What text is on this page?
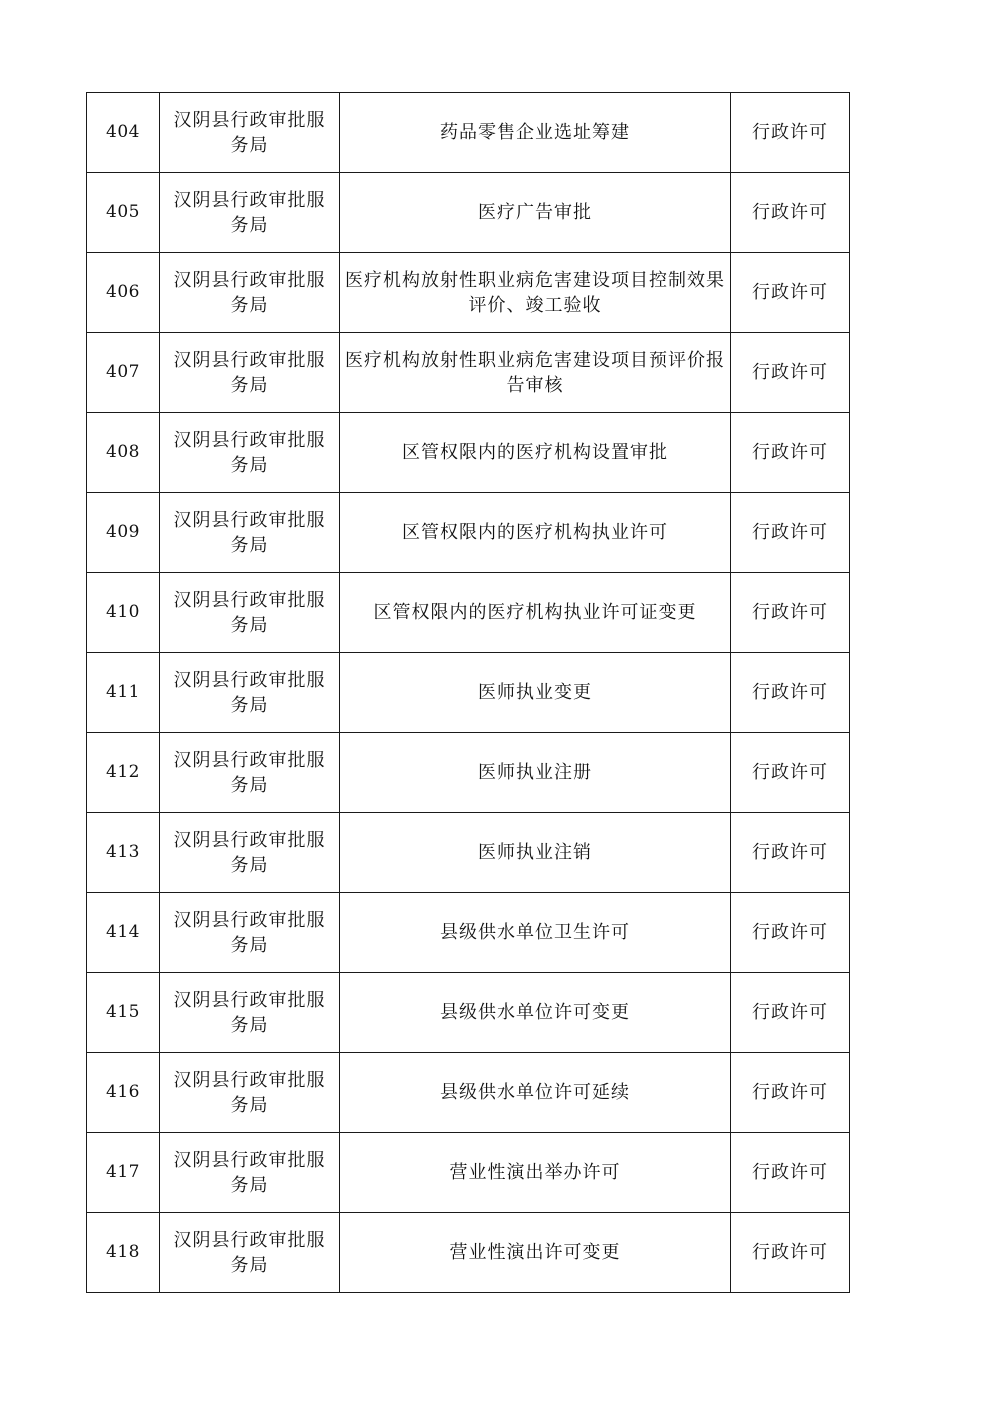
404	汉阴县行政审批服务局	药品零售企业选址筹建	行政许可
405	汉阴县行政审批服务局	医疗广告审批	行政许可
406	汉阴县行政审批服务局	医疗机构放射性职业病危害建设项目控制效果评价、竣工验收	行政许可
407	汉阴县行政审批服务局	医疗机构放射性职业病危害建设项目预评价报告审核	行政许可
408	汉阴县行政审批服务局	区管权限内的医疗机构设置审批	行政许可
409	汉阴县行政审批服务局	区管权限内的医疗机构执业许可	行政许可
410	汉阴县行政审批服务局	区管权限内的医疗机构执业许可证变更	行政许可
411	汉阴县行政审批服务局	医师执业变更	行政许可
412	汉阴县行政审批服务局	医师执业注册	行政许可
413	汉阴县行政审批服务局	医师执业注销	行政许可
414	汉阴县行政审批服务局	县级供水单位卫生许可	行政许可
415	汉阴县行政审批服务局	县级供水单位许可变更	行政许可
416	汉阴县行政审批服务局	县级供水单位许可延续	行政许可
417	汉阴县行政审批服务局	营业性演出举办许可	行政许可
418	汉阴县行政审批服务局	营业性演出许可变更	行政许可
